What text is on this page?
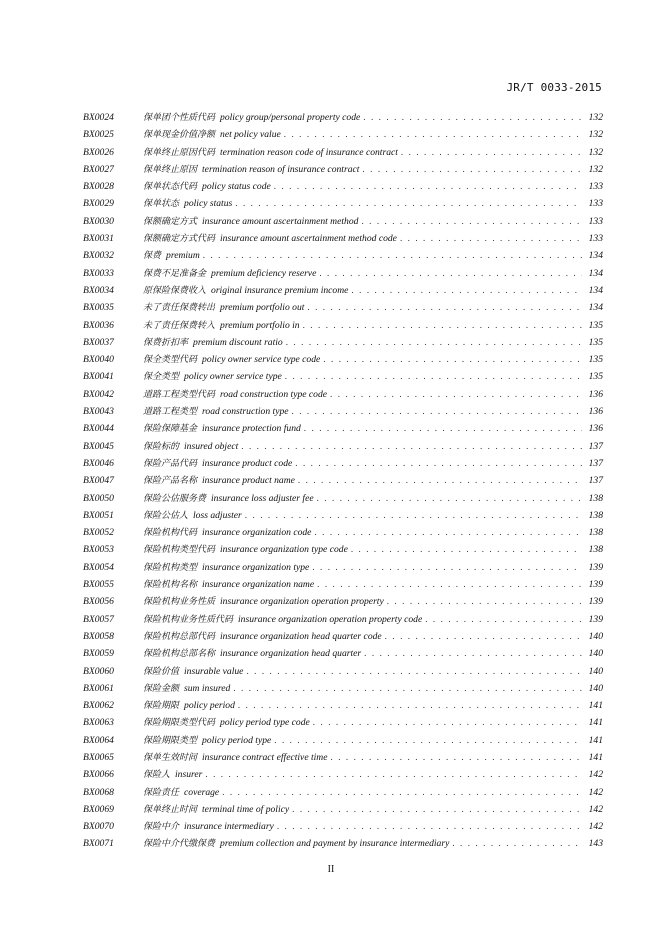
JR/T 0033-2015
BX0024	保单团个性质代码 policy group/personal property code . . .	132
BX0025	保单现金价值净额 net policy value . . .	132
BX0026	保单终止原因代码 termination reason code of insurance contract . . .	132
BX0027	保单终止原因 termination reason of insurance contract . . .	132
BX0028	保单状态代码 policy status code . . .	133
BX0029	保单状态 policy status . . .	133
BX0030	保额确定方式 insurance amount ascertainment method . . .	133
BX0031	保额确定方式代码 insurance amount ascertainment method code . . .	133
BX0032	保费 premium . . .	134
BX0033	保费不足准备金 premium deficiency reserve . . .	134
BX0034	原保险保费收入 original insurance premium income . . .	134
BX0035	未了责任保费转出 premium portfolio out . . .	134
BX0036	未了责任保费转入 premium portfolio in . . .	135
BX0037	保费折扣率 premium discount ratio . . .	135
BX0040	保全类型代码 policy owner service type code . . .	135
BX0041	保全类型 policy owner service type . . .	135
BX0042	道路工程类型代码 road construction type code . . .	136
BX0043	道路工程类型 road construction type . . .	136
BX0044	保险保障基金 insurance protection fund . . .	136
BX0045	保险标的 insured object . . .	137
BX0046	保险产品代码 insurance product code . . .	137
BX0047	保险产品名称 insurance product name . . .	137
BX0050	保险公估服务费 insurance loss adjuster fee . . .	138
BX0051	保险公估人 loss adjuster . . .	138
BX0052	保险机构代码 insurance organization code . . .	138
BX0053	保险机构类型代码 insurance organization type code . . .	138
BX0054	保险机构类型 insurance organization type . . .	139
BX0055	保险机构名称 insurance organization name . . .	139
BX0056	保险机构业务性质 insurance organization operation property . . .	139
BX0057	保险机构业务性质代码 insurance organization operation property code . . .	139
BX0058	保险机构总部代码 insurance organization head quarter code . . .	140
BX0059	保险机构总部名称 insurance organization head quarter . . .	140
BX0060	保险价值 insurable value . . .	140
BX0061	保险金额 sum insured . . .	140
BX0062	保险期限 policy period . . .	141
BX0063	保险期限类型代码 policy period type code . . .	141
BX0064	保险期限类型 policy period type . . .	141
BX0065	保单生效时间 insurance contract effective time . . .	141
BX0066	保险人 insurer . . .	142
BX0068	保险责任 coverage . . .	142
BX0069	保单终止时间 terminal time of policy . . .	142
BX0070	保险中介 insurance intermediary . . .	142
BX0071	保险中介代缴保费 premium collection and payment by insurance intermediary . . .	143
II
